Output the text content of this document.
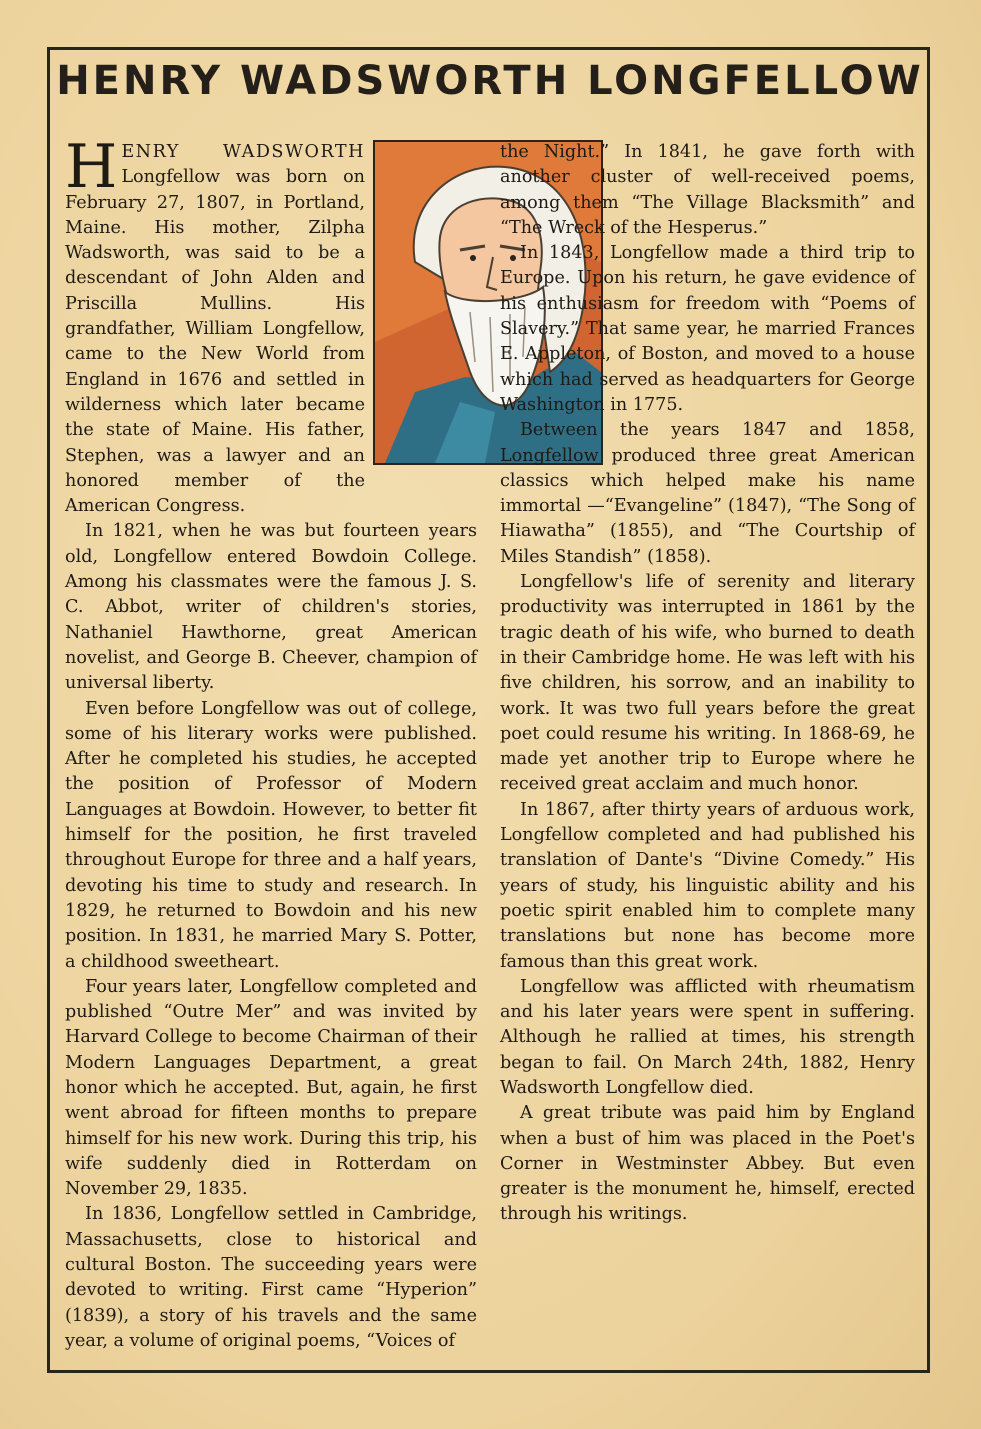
HENRY WADSWORTH LONGFELLOW

HENRY WADSWORTH Longfellow was born on February 27, 1807, in Portland, Maine. His mother, Zilpha Wadsworth, was said to be a descendant of John Alden and Priscilla Mullins. His grandfather, William Longfellow, came to the New World from England in 1676 and settled in wilderness which later became the state of Maine. His father, Stephen, was a lawyer and an honored member of the American Congress.

In 1821, when he was but fourteen years old, Longfellow entered Bowdoin College. Among his classmates were the famous J. S. C. Abbot, writer of children's stories, Nathaniel Hawthorne, great American novelist, and George B. Cheever, champion of universal liberty.

Even before Longfellow was out of college, some of his literary works were published. After he completed his studies, he accepted the position of Professor of Modern Languages at Bowdoin. However, to better fit himself for the position, he first traveled throughout Europe for three and a half years, devoting his time to study and research. In 1829, he returned to Bowdoin and his new position. In 1831, he married Mary S. Potter, a childhood sweetheart.

Four years later, Longfellow completed and published “Outre Mer” and was invited by Harvard College to become Chairman of their Modern Languages Department, a great honor which he accepted. But, again, he first went abroad for fifteen months to prepare himself for his new work. During this trip, his wife suddenly died in Rotterdam on November 29, 1835.

In 1836, Longfellow settled in Cambridge, Massachusetts, close to historical and cultural Boston. The succeeding years were devoted to writing. First came “Hyperion” (1839), a story of his travels and the same year, a volume of original poems, “Voices of

the Night.” In 1841, he gave forth with another cluster of well-received poems, among them “The Village Blacksmith” and “The Wreck of the Hesperus.”

In 1843, Longfellow made a third trip to Europe. Upon his return, he gave evidence of his enthusiasm for freedom with “Poems of Slavery.” That same year, he married Frances E. Appleton, of Boston, and moved to a house which had served as headquarters for George Washington in 1775.

Between the years 1847 and 1858, Longfellow produced three great American classics which helped make his name immortal —“Evangeline” (1847), “The Song of Hiawatha” (1855), and “The Courtship of Miles Standish” (1858).

Longfellow's life of serenity and literary productivity was interrupted in 1861 by the tragic death of his wife, who burned to death in their Cambridge home. He was left with his five children, his sorrow, and an inability to work. It was two full years before the great poet could resume his writing. In 1868-69, he made yet another trip to Europe where he received great acclaim and much honor.

In 1867, after thirty years of arduous work, Longfellow completed and had published his translation of Dante's “Divine Comedy.” His years of study, his linguistic ability and his poetic spirit enabled him to complete many translations but none has become more famous than this great work.

Longfellow was afflicted with rheumatism and his later years were spent in suffering. Although he rallied at times, his strength began to fail. On March 24th, 1882, Henry Wadsworth Longfellow died.

A great tribute was paid him by England when a bust of him was placed in the Poet's Corner in Westminster Abbey. But even greater is the monument he, himself, erected through his writings.
